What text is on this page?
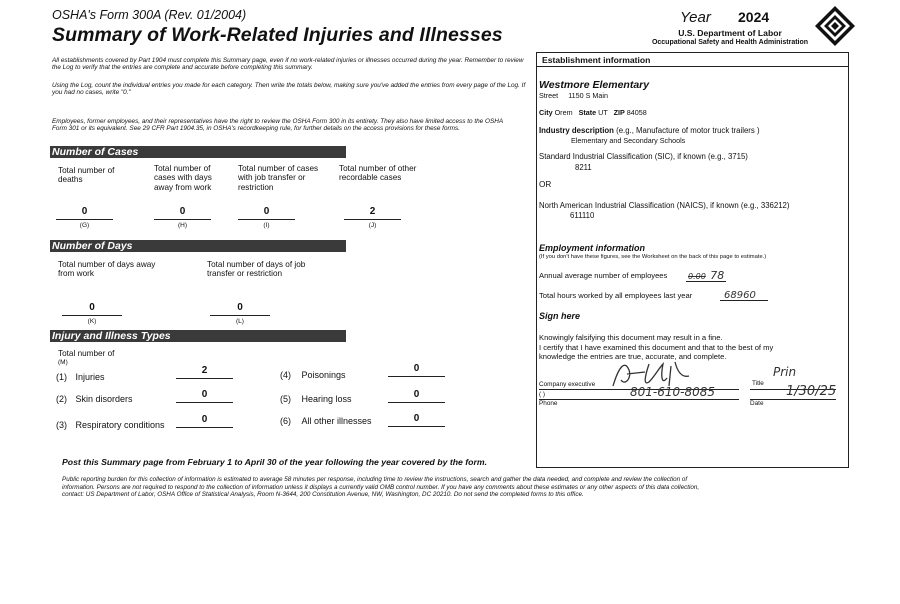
OSHA's Form 300A (Rev. 01/2004)
Summary of Work-Related Injuries and Illnesses
Year 2024
U.S. Department of Labor
Occupational Safety and Health Administration
All establishments covered by Part 1904 must complete this Summary page, even if no work-related injuries or illnesses occurred during the year. Remember to review the Log to verify that the entries are complete and accurate before completing this summary.
Using the Log, count the individual entries you made for each category. Then write the totals below, making sure you've added the entries from every page of the Log. If you had no cases, write "0."
Employees, former employees, and their representatives have the right to review the OSHA Form 300 in its entirety. They also have limited access to the OSHA Form 301 or its equivalent. See 29 CFR Part 1904.35, in OSHA's recordkeeping rule, for further details on the access provisions for these forms.
Number of Cases
Total number of deaths
Total number of cases with days away from work
Total number of cases with job transfer or restriction
Total number of other recordable cases
0	0	0	2
(G)	(H)	(I)	(J)
Number of Days
Total number of days away from work
Total number of days of job transfer or restriction
0	0
(K)	(L)
Injury and Illness Types
Total number of
(M)
(1) Injuries
2
(2) Skin disorders	0
(3) Respiratory conditions	0
(4) Poisonings
0
(5) Hearing loss	0
(6) All other illnesses	0
Post this Summary page from February 1 to April 30 of the year following the year covered by the form.
Public reporting burden for this collection of information is estimated to average 58 minutes per response, including time to review the instructions, search and gather the data needed, and complete and review the collection of information. Persons are not required to respond to the collection of information unless it displays a currently valid OMB control number. If you have any comments about these estimates or any other aspects of this data collection, contact: US Department of Labor, OSHA Office of Statistical Analysis, Room N-3644, 200 Constitution Avenue, NW, Washington, DC 20210. Do not send the completed forms to this office.
Establishment information
Westmore Elementary
Street 1150 S Main
City Orem State UT ZIP 84058
Industry description (e.g., Manufacture of motor truck trailers )
Elementary and Secondary Schools
Standard Industrial Classification (SIC), if known (e.g., 3715)
8211
OR
North American Industrial Classification (NAICS), if known (e.g., 336212)
611110
Employment information
(If you don't have these figures, see the Worksheet on the back of this page to estimate.)
Annual average number of employees	0.00 78
Total hours worked by all employees last year	68960
Sign here
Knowingly falsifying this document may result in a fine.
I certify that I have examined this document and that to the best of my knowledge the entries are true, accurate, and complete.
Company executive	Title
Prin
( )	801-610-8085
Phone
1/30/25
Date
